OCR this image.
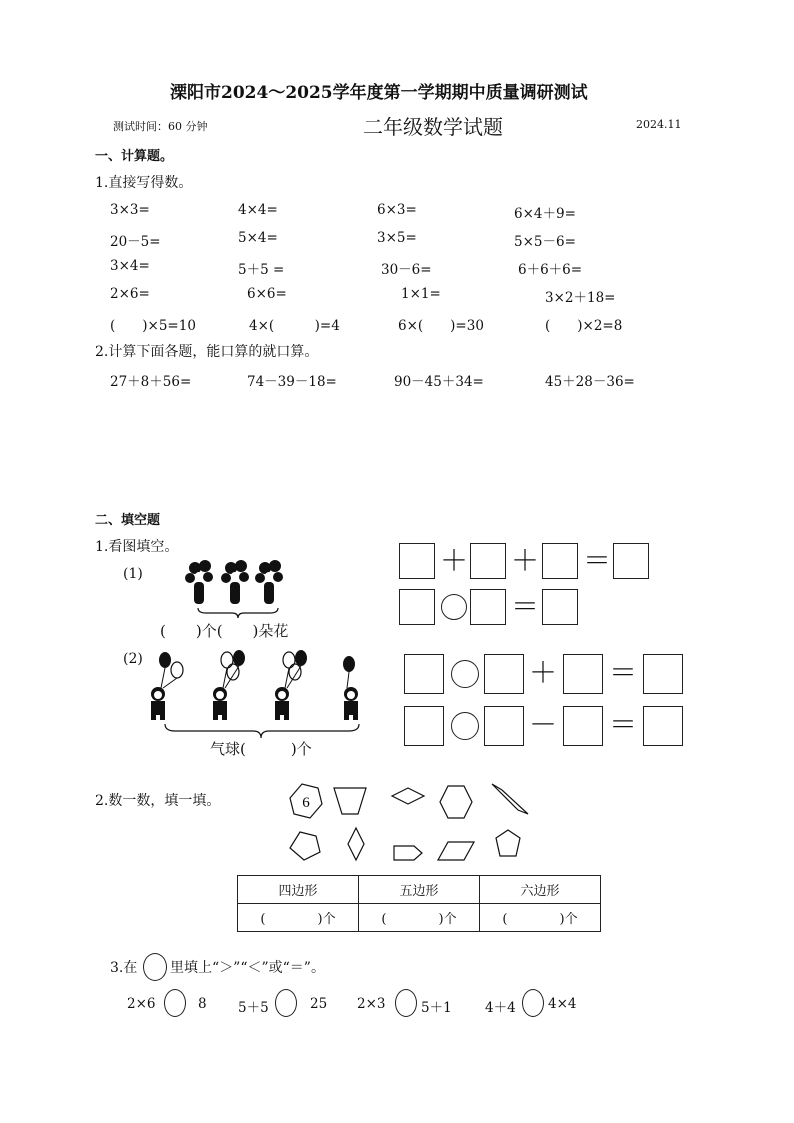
溧阳市2024～2025学年度第一学期期中质量调研测试
测试时间：60 分钟	二年级数学试题	2024.11
一、计算题。
1.直接写得数。
3×3=	4×4=	6×3=	6×4＋9=
20－5=	5×4=	3×5=	5×5－6=
3×4=	5＋5 =	30－6=	6＋6＋6=
2×6=	6×6=	1×1=	3×2＋18=
(　　)×5=10	4×(　　　)=4	6×(　　)=30	(　　)×2=8
2.计算下面各题，能口算的就口算。
27＋8＋56=	74－39－18=	90－45＋34=	45＋28－36=
二、填空题
1.看图填空。
(1)
(　　)个(　　)朵花
＋ ＋ ＝
＝
(2)
气球(　　　)个
＋ ＝
－ ＝
2.数一数，填一填。	6
四边形	五边形	六边形
(　　　　)个	(　　　　)个	(　　　　)个
3.在 里填上“＞”“＜”或“＝”。
2×6	8 5＋5	25 2×3	5＋1 4＋4 4×4
